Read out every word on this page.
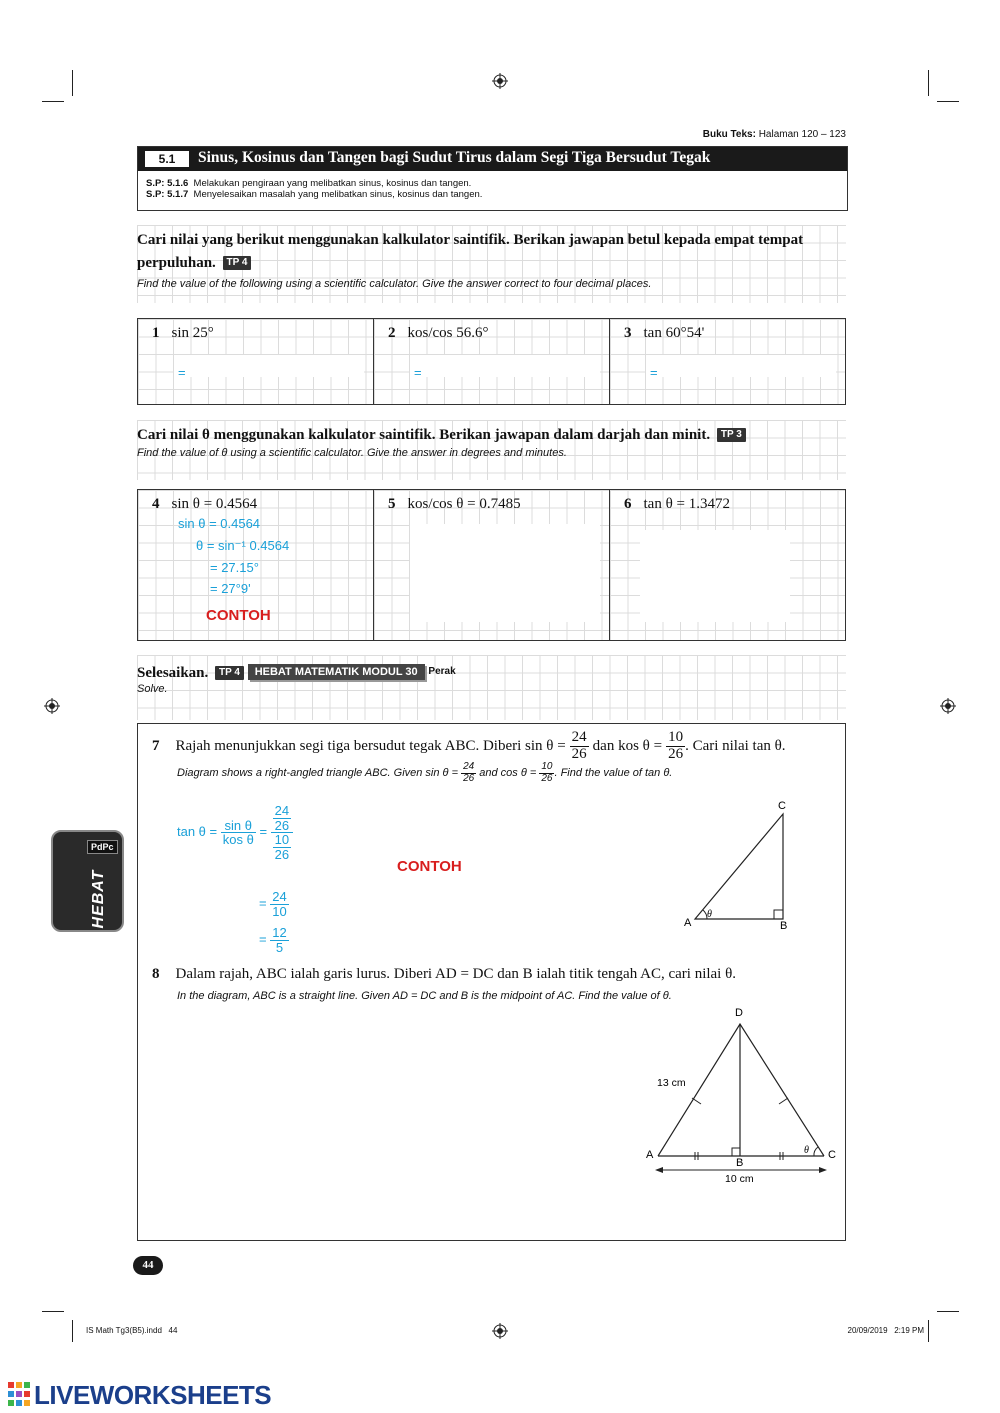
Buku Teks: Halaman 120 – 123
5.1	Sinus, Kosinus dan Tangen bagi Sudut Tirus dalam Segi Tiga Bersudut Tegak
S.P: 5.1.6 Melakukan pengiraan yang melibatkan sinus, kosinus dan tangen.
S.P: 5.1.7 Menyelesaikan masalah yang melibatkan sinus, kosinus dan tangen.
Cari nilai yang berikut menggunakan kalkulator saintifik. Berikan jawapan betul kepada empat tempat perpuluhan. TP 4
Find the value of the following using a scientific calculator. Give the answer correct to four decimal places.
1 sin 25°
=
2 kos/cos 56.6°
=
3 tan 60°54'
=
Cari nilai θ menggunakan kalkulator saintifik. Berikan jawapan dalam darjah dan minit. TP 3
Find the value of θ using a scientific calculator. Give the answer in degrees and minutes.
4 sin θ = 0.4564
sin θ = 0.4564
θ = sin⁻¹ 0.4564
= 27.15°
= 27°9'
CONTOH
5 kos/cos θ = 0.7485	6 tan θ = 1.3472
Selesaikan. TP 4 HEBAT MATEMATIK MODUL 30 $^{Perak}$
Solve.
7 Rajah menunjukkan segi tiga bersudut tegak ABC. Diberi $\sin \theta = \frac{24}{26}$ dan kos $\theta = \frac{10}{26}$ . Cari nilai tan θ.
Diagram shows a right-angled triangle ABC. Given $\sin \theta = \frac{24}{26}$ and $\cos \theta = \frac{10}{26}$ . Find the value of tan θ.
$\tan \theta = \frac{\text{sin θ}}{\text{kos θ}} = \frac{\frac{24}{26}}{\frac{10}{26}}$
= $\frac{24}{10}$
= $\frac{12}{5}$
CONTOH
A	B
C
θ
8 Dalam rajah, ABC ialah garis lurus. Diberi AD = DC dan B ialah titik tengah AC, cari nilai θ.
In the diagram, ABC is a straight line. Given AD = DC and B is the midpoint of AC. Find the value of θ.
D
A
B
C
13 cm
10 cm
θ
PdPc
HEBAT
44
IS Math Tg3(B5).indd   44	20/09/2019   2:19 PM
LIVEWORKSHEETS
